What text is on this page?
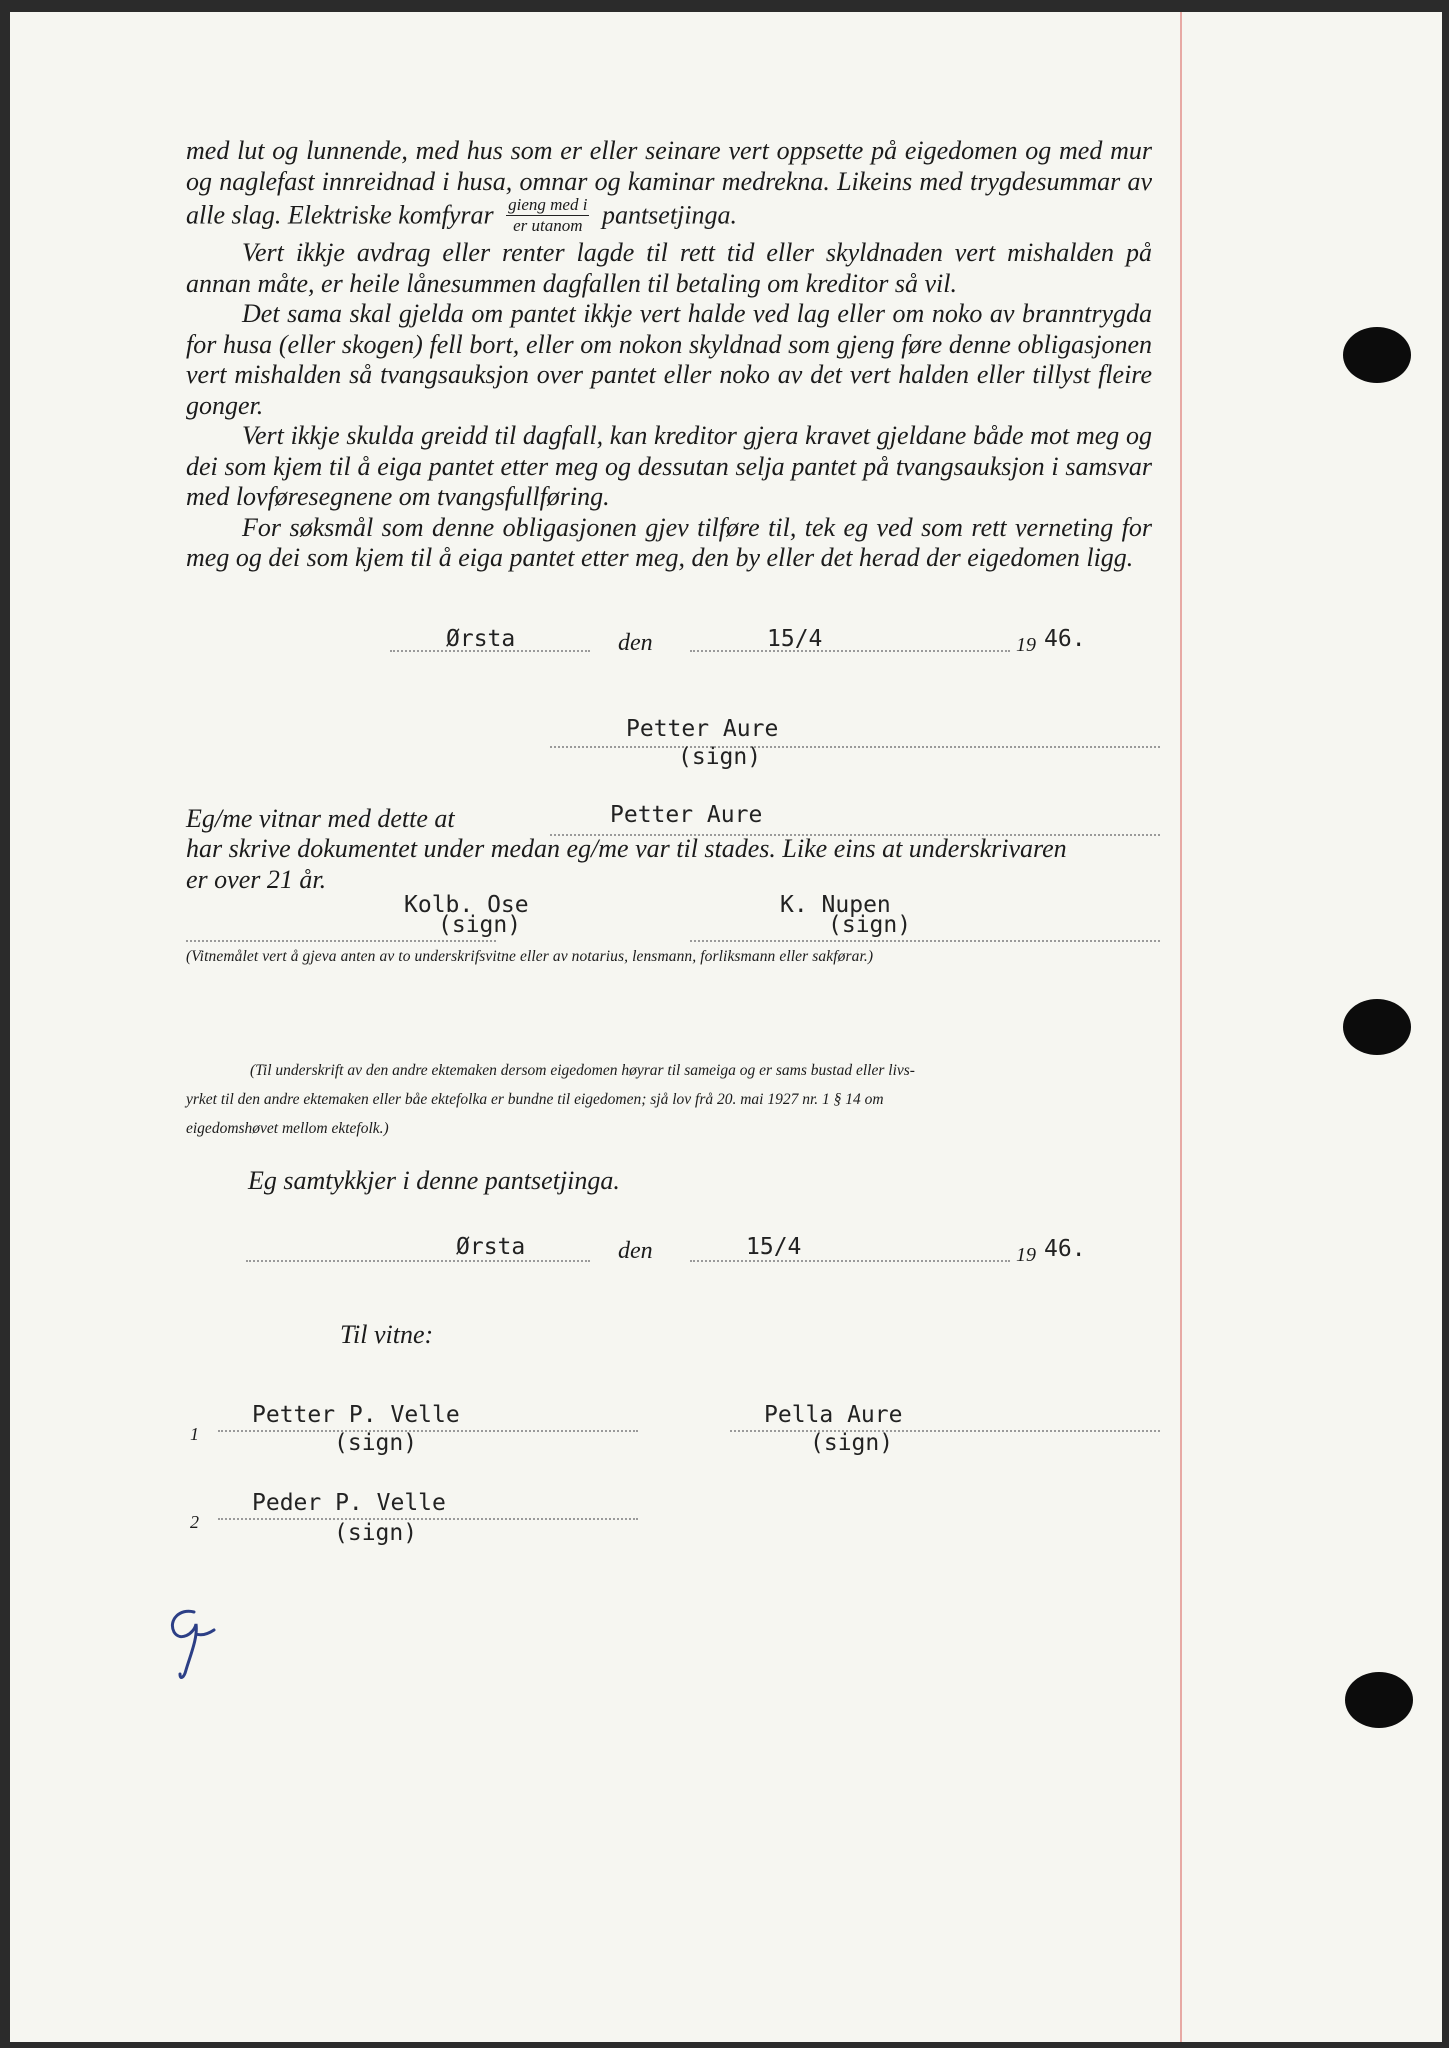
med lut og lunnende, med hus som er eller seinare vert oppsette på eigedomen og med mur og naglefast innreidnad i husa, omnar og kaminar medrekna. Likeins med trygdesummar av alle slag. Elektriske komfyrar $\frac{\text{gieng med i}}{\text{er utanom}}$ pantsetjinga.

Vert ikkje avdrag eller renter lagde til rett tid eller skyldnaden vert mishalden på annan måte, er heile lånesummen dagfallen til betaling om kreditor så vil.

Det sama skal gjelda om pantet ikkje vert halde ved lag eller om noko av branntrygda for husa (eller skogen) fell bort, eller om nokon skyldnad som gjeng føre denne obligasjonen vert mishalden så tvangsauksjon over pantet eller noko av det vert halden eller tillyst fleire gonger.

Vert ikkje skulda greidd til dagfall, kan kreditor gjera kravet gjeldane både mot meg og dei som kjem til å eiga pantet etter meg og dessutan selja pantet på tvangsauksjon i samsvar med lovføresegnene om tvangsfullføring.

For søksmål som denne obligasjonen gjev tilføre til, tek eg ved som rett verneting for meg og dei som kjem til å eiga pantet etter meg, den by eller det herad der eigedomen ligg.

Ørsta	den	15/4	19 46.
Petter Aure
(sign)
Eg/me vitnar med dette at	Petter Aure
har skrive dokumentet under medan eg/me var til stades. Like eins at underskrivaren
er over 21 år.
Kolb. Ose
(sign)
K. Nupen
(sign)
(Vitnemålet vert å gjeva anten av to underskrifsvitne eller av notarius, lensmann, forliksmann eller sakførar.)
(Til underskrift av den andre ektemaken dersom eigedomen høyrar til sameiga og er sams bustad eller livs-
yrket til den andre ektemaken eller båe ektefolka er bundne til eigedomen; sjå lov frå 20. mai 1927 nr. 1 § 14 om
eigedomshøvet mellom ektefolk.)
Eg samtykkjer i denne pantsetjinga.
Ørsta	den	15/4	19 46.
Til vitne:
1
Petter P. Velle
(sign)
Pella Aure
(sign)
2
Peder P. Velle
(sign)
